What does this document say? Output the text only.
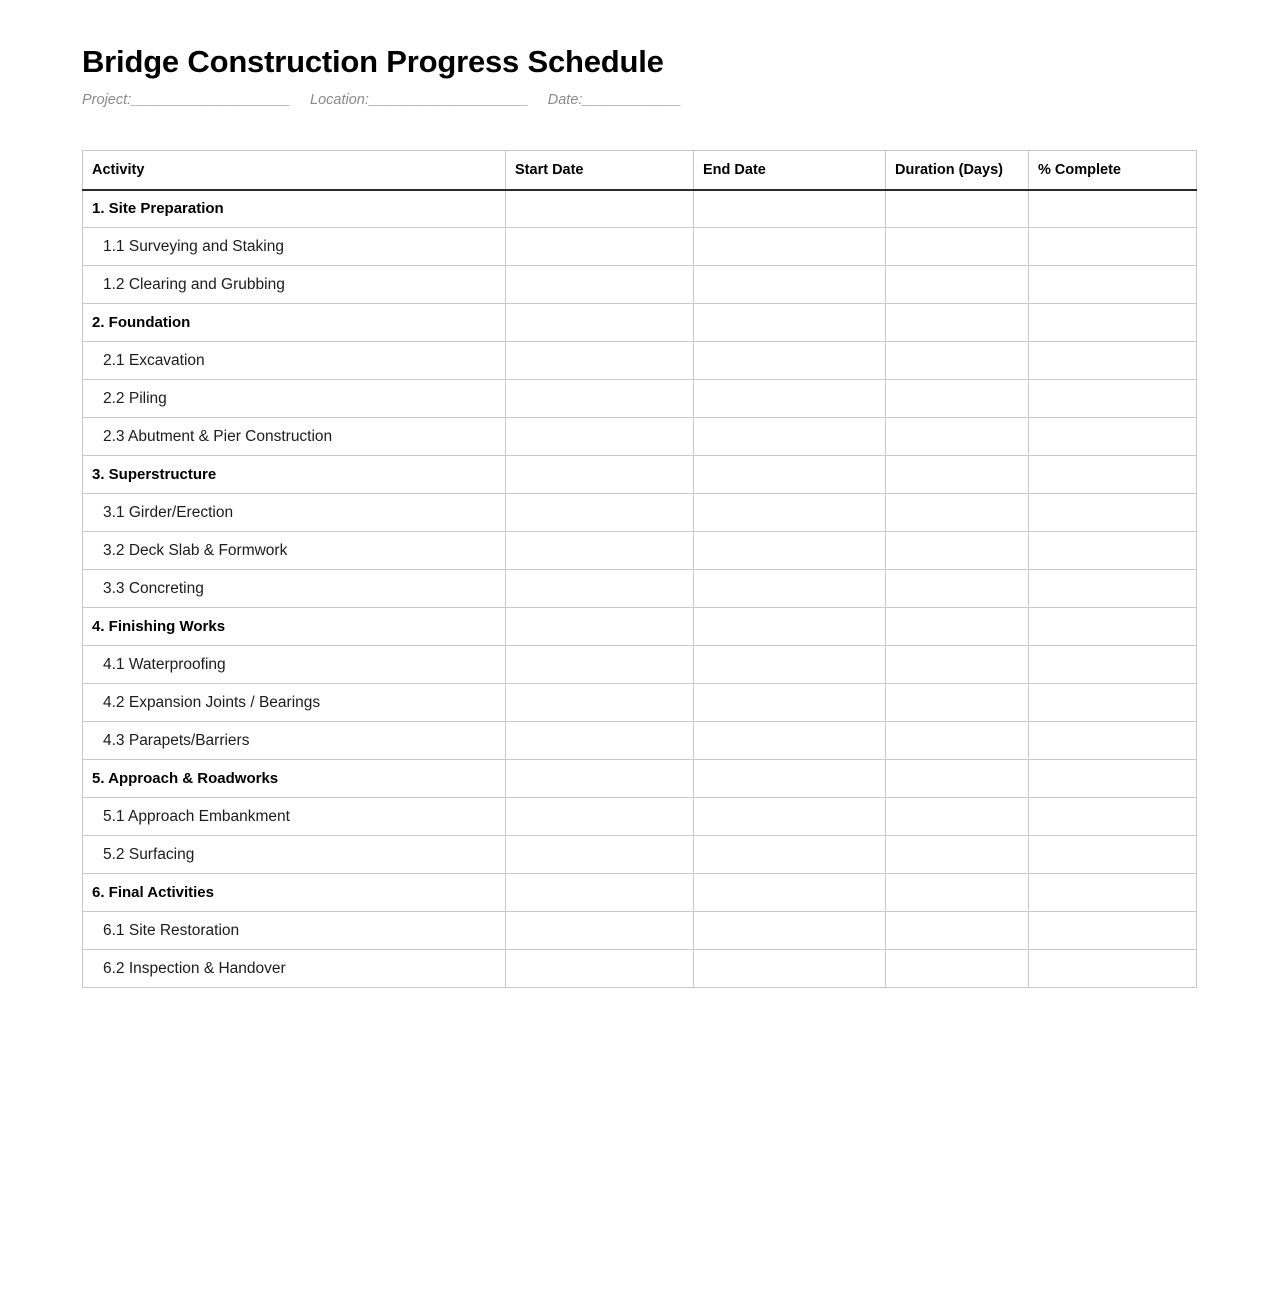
Bridge Construction Progress Schedule
Project:_____________________ Location:_____________________ Date:_____________
Activity	Start Date	End Date	Duration (Days)	% Complete
1. Site Preparation				
1.1 Surveying and Staking				
1.2 Clearing and Grubbing				
2. Foundation				
2.1 Excavation				
2.2 Piling				
2.3 Abutment & Pier Construction				
3. Superstructure				
3.1 Girder/Erection				
3.2 Deck Slab & Formwork				
3.3 Concreting				
4. Finishing Works				
4.1 Waterproofing				
4.2 Expansion Joints / Bearings				
4.3 Parapets/Barriers				
5. Approach & Roadworks				
5.1 Approach Embankment				
5.2 Surfacing				
6. Final Activities				
6.1 Site Restoration				
6.2 Inspection & Handover				
